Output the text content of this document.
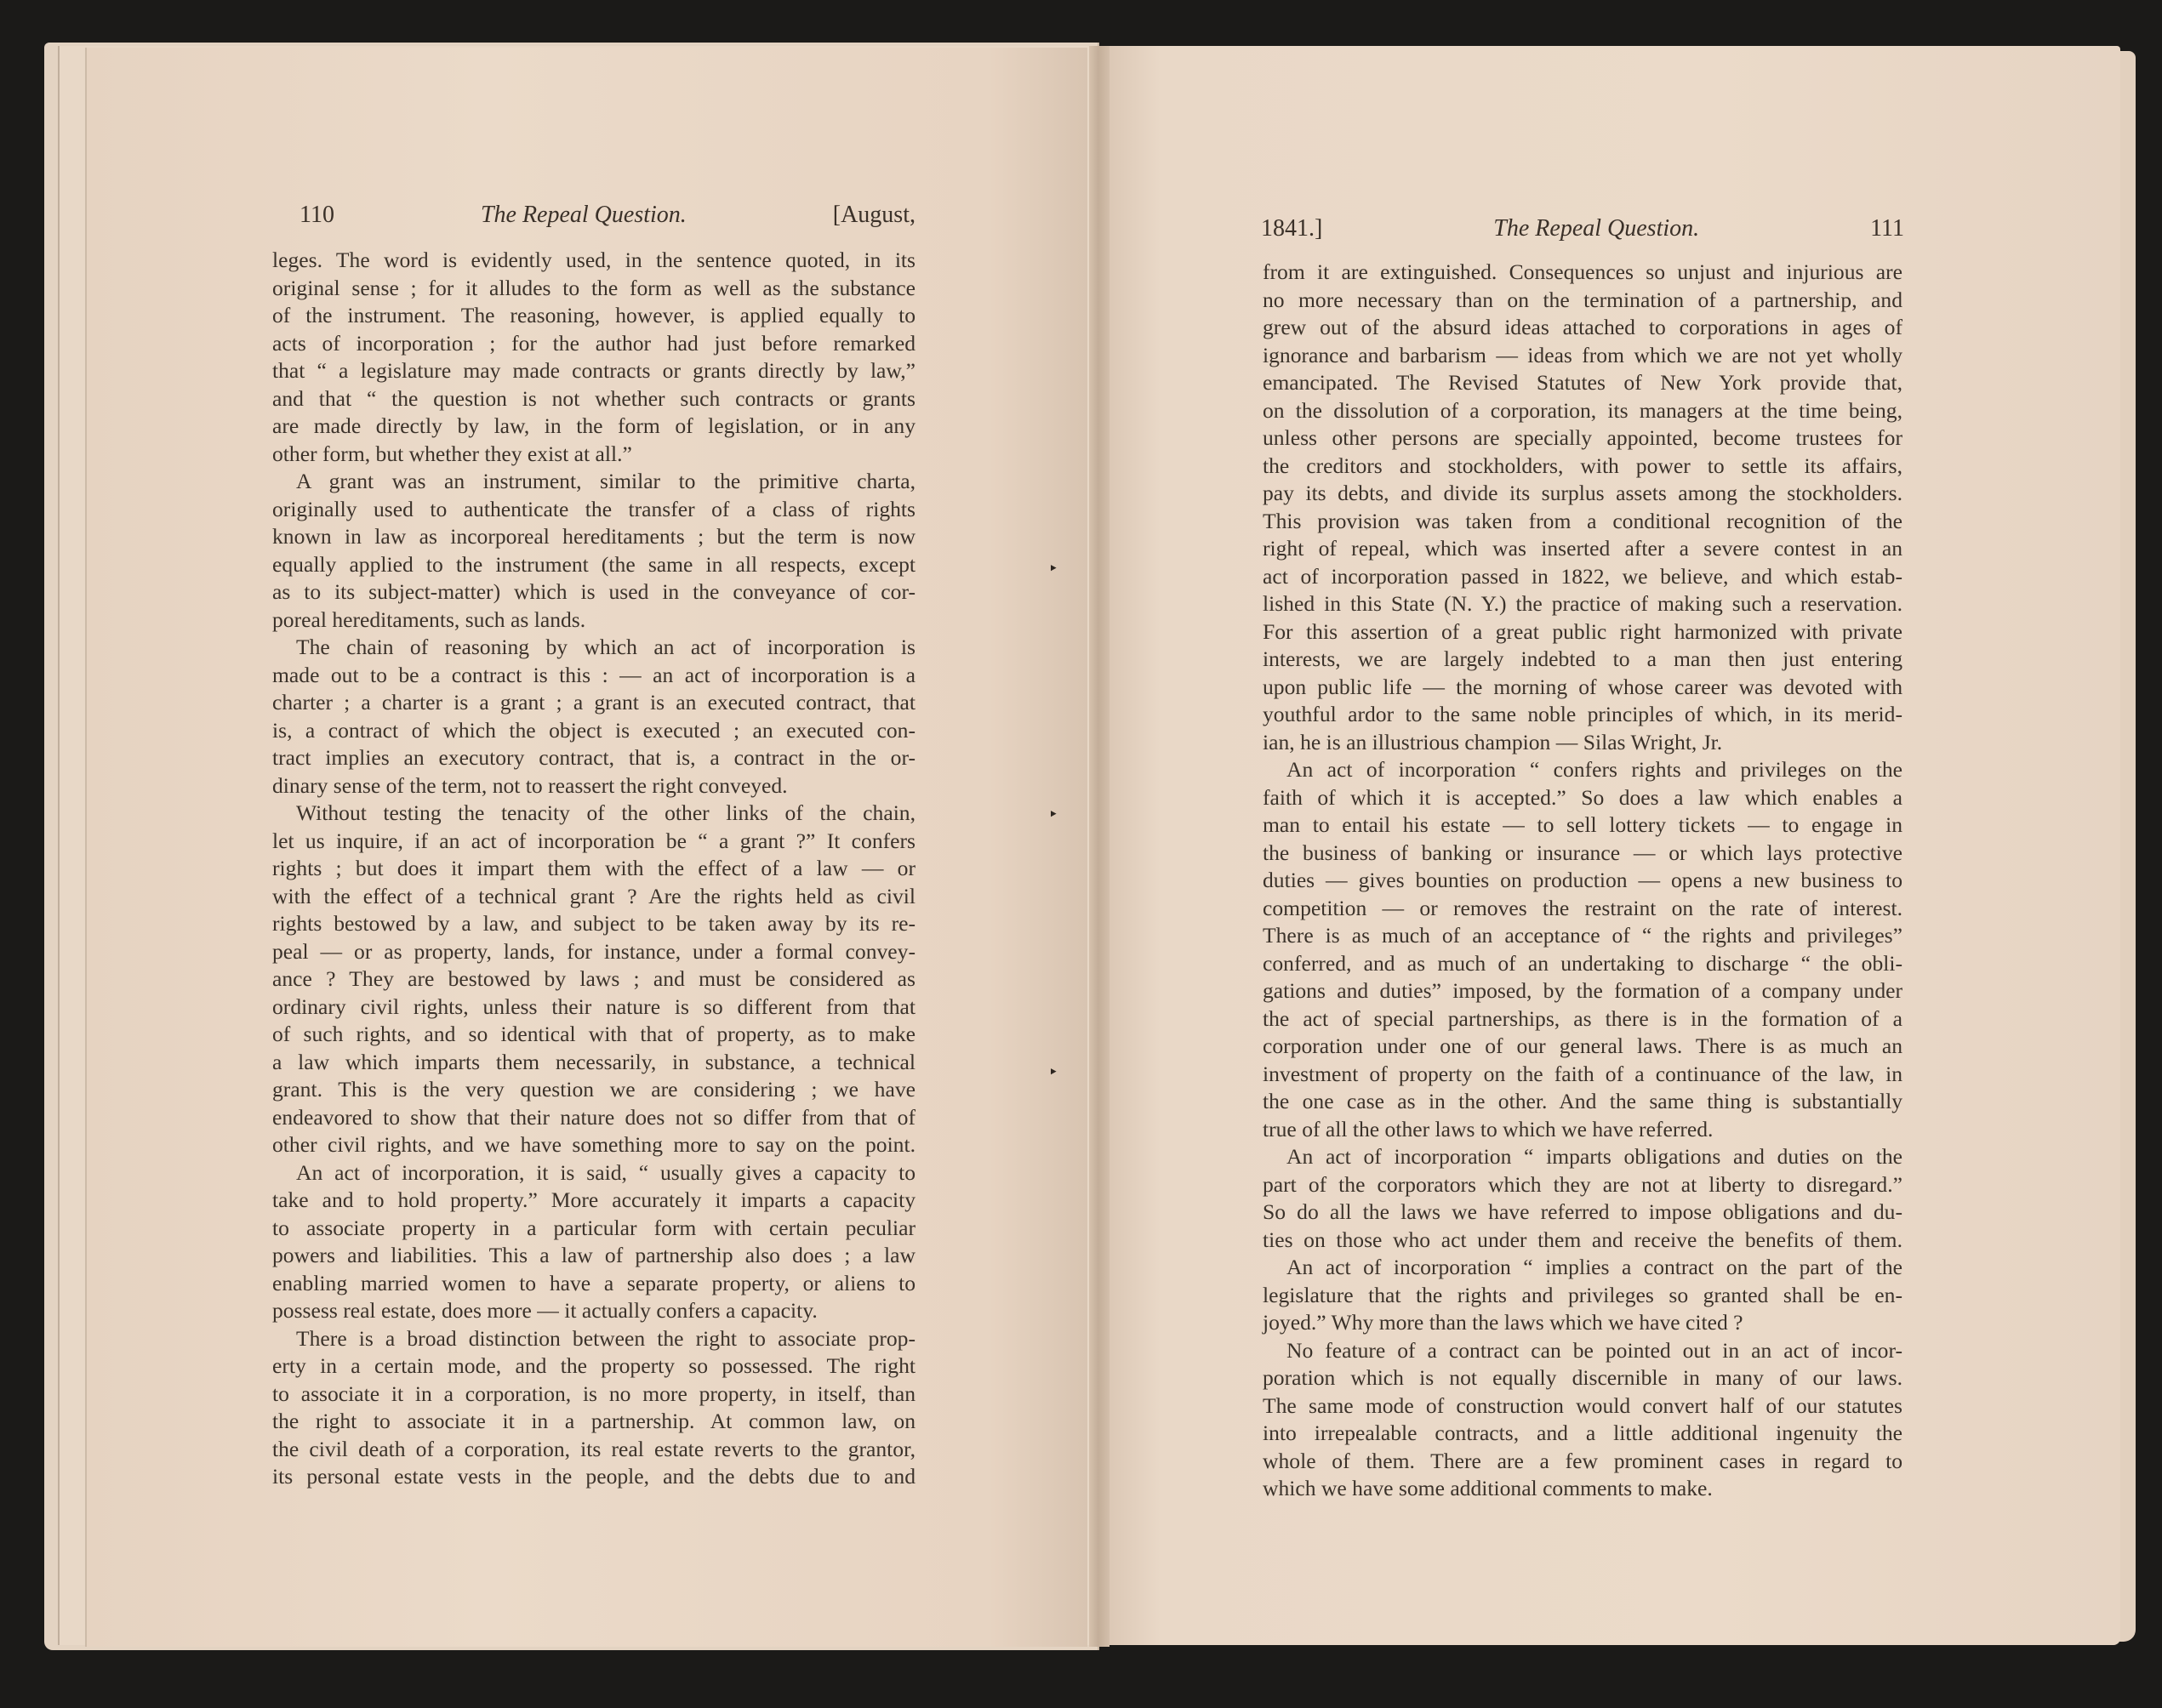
‣
‣
‣
110	The Repeal Question.	[August,
1841.]	The Repeal Question.	111
leges. The word is evidently used, in the sentence quoted, in its
original sense ; for it alludes to the form as well as the substance
of the instrument. The reasoning, however, is applied equally to
acts of incorporation ; for the author had just before remarked
that “ a legislature may made contracts or grants directly by law,”
and that “ the question is not whether such contracts or grants
are made directly by law, in the form of legislation, or in any
other form, but whether they exist at all.”
A grant was an instrument, similar to the primitive charta,
originally used to authenticate the transfer of a class of rights
known in law as incorporeal hereditaments ; but the term is now
equally applied to the instrument (the same in all respects, except
as to its subject-matter) which is used in the conveyance of cor-
poreal hereditaments, such as lands.
The chain of reasoning by which an act of incorporation is
made out to be a contract is this : — an act of incorporation is a
charter ; a charter is a grant ; a grant is an executed contract, that
is, a contract of which the object is executed ; an executed con-
tract implies an executory contract, that is, a contract in the or-
dinary sense of the term, not to reassert the right conveyed.
Without testing the tenacity of the other links of the chain,
let us inquire, if an act of incorporation be “ a grant ?” It confers
rights ; but does it impart them with the effect of a law — or
with the effect of a technical grant ? Are the rights held as civil
rights bestowed by a law, and subject to be taken away by its re-
peal — or as property, lands, for instance, under a formal convey-
ance ? They are bestowed by laws ; and must be considered as
ordinary civil rights, unless their nature is so different from that
of such rights, and so identical with that of property, as to make
a law which imparts them necessarily, in substance, a technical
grant. This is the very question we are considering ; we have
endeavored to show that their nature does not so differ from that of
other civil rights, and we have something more to say on the point.
An act of incorporation, it is said, “ usually gives a capacity to
take and to hold property.” More accurately it imparts a capacity
to associate property in a particular form with certain peculiar
powers and liabilities. This a law of partnership also does ; a law
enabling married women to have a separate property, or aliens to
possess real estate, does more — it actually confers a capacity.
There is a broad distinction between the right to associate prop-
erty in a certain mode, and the property so possessed. The right
to associate it in a corporation, is no more property, in itself, than
the right to associate it in a partnership. At common law, on
the civil death of a corporation, its real estate reverts to the grantor,
its personal estate vests in the people, and the debts due to and
from it are extinguished. Consequences so unjust and injurious are
no more necessary than on the termination of a partnership, and
grew out of the absurd ideas attached to corporations in ages of
ignorance and barbarism — ideas from which we are not yet wholly
emancipated. The Revised Statutes of New York provide that,
on the dissolution of a corporation, its managers at the time being,
unless other persons are specially appointed, become trustees for
the creditors and stockholders, with power to settle its affairs,
pay its debts, and divide its surplus assets among the stockholders.
This provision was taken from a conditional recognition of the
right of repeal, which was inserted after a severe contest in an
act of incorporation passed in 1822, we believe, and which estab-
lished in this State (N. Y.) the practice of making such a reservation.
For this assertion of a great public right harmonized with private
interests, we are largely indebted to a man then just entering
upon public life — the morning of whose career was devoted with
youthful ardor to the same noble principles of which, in its merid-
ian, he is an illustrious champion — Silas Wright, Jr.
An act of incorporation “ confers rights and privileges on the
faith of which it is accepted.” So does a law which enables a
man to entail his estate — to sell lottery tickets — to engage in
the business of banking or insurance — or which lays protective
duties — gives bounties on production — opens a new business to
competition — or removes the restraint on the rate of interest.
There is as much of an acceptance of “ the rights and privileges”
conferred, and as much of an undertaking to discharge “ the obli-
gations and duties” imposed, by the formation of a company under
the act of special partnerships, as there is in the formation of a
corporation under one of our general laws. There is as much an
investment of property on the faith of a continuance of the law, in
the one case as in the other. And the same thing is substantially
true of all the other laws to which we have referred.
An act of incorporation “ imparts obligations and duties on the
part of the corporators which they are not at liberty to disregard.”
So do all the laws we have referred to impose obligations and du-
ties on those who act under them and receive the benefits of them.
An act of incorporation “ implies a contract on the part of the
legislature that the rights and privileges so granted shall be en-
joyed.” Why more than the laws which we have cited ?
No feature of a contract can be pointed out in an act of incor-
poration which is not equally discernible in many of our laws.
The same mode of construction would convert half of our statutes
into irrepealable contracts, and a little additional ingenuity the
whole of them. There are a few prominent cases in regard to
which we have some additional comments to make.
